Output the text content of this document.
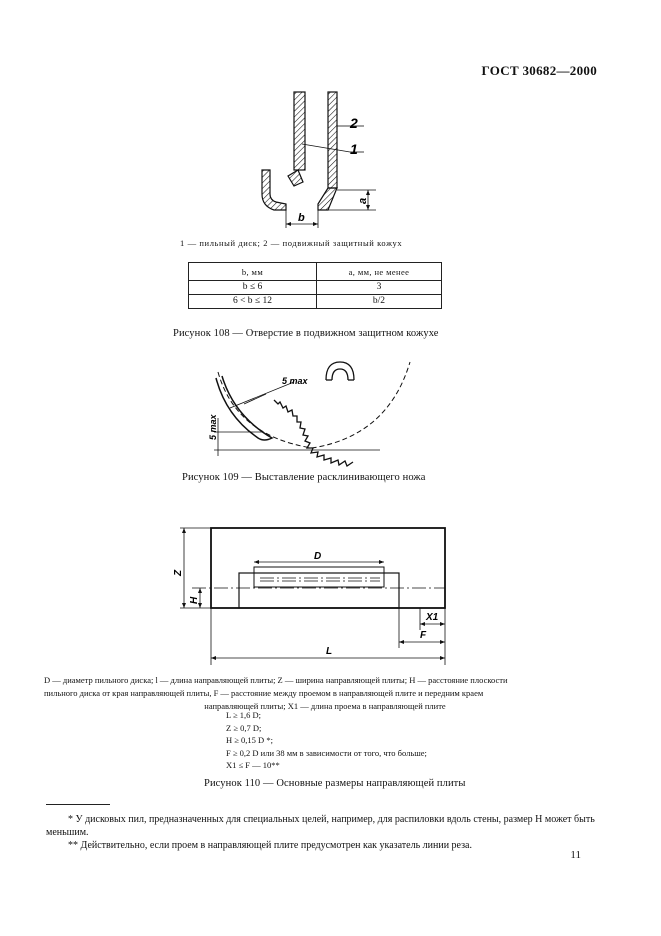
ГОСТ 30682—2000
a
b
2
1
1 — пильный диск; 2 — подвижный защитный кожух
b, мм	a, мм, не менее
b ≤ 6	3
6 < b ≤ 12	b/2
Рисунок 108 — Отверстие в подвижном защитном кожухе
5 max
5 max
Рисунок 109 — Выставление расклинивающего ножа
D
Z
H
X1
F
L
D — диаметр пильного диска; l — длина направляющей плиты; Z — ширина направляющей плиты; H — расстояние плоскости
пильного диска от края направляющей плиты, F — расстояние между проемом в направляющей плите и передним краем
направляющей плиты; X1 — длина проема в направляющей плите
L ≥ 1,6 D;
Z ≥ 0,7 D;
H ≥ 0,15 D *;
F ≥ 0,2 D или 38 мм в зависимости от того, что больше;
X1 ≤ F — 10**
Рисунок 110 — Основные размеры направляющей плиты
* У дисковых пил, предназначенных для специальных целей, например, для распиловки вдоль стены, размер H может быть меньшим.
** Действительно, если проем в направляющей плите предусмотрен как указатель линии реза.
11
